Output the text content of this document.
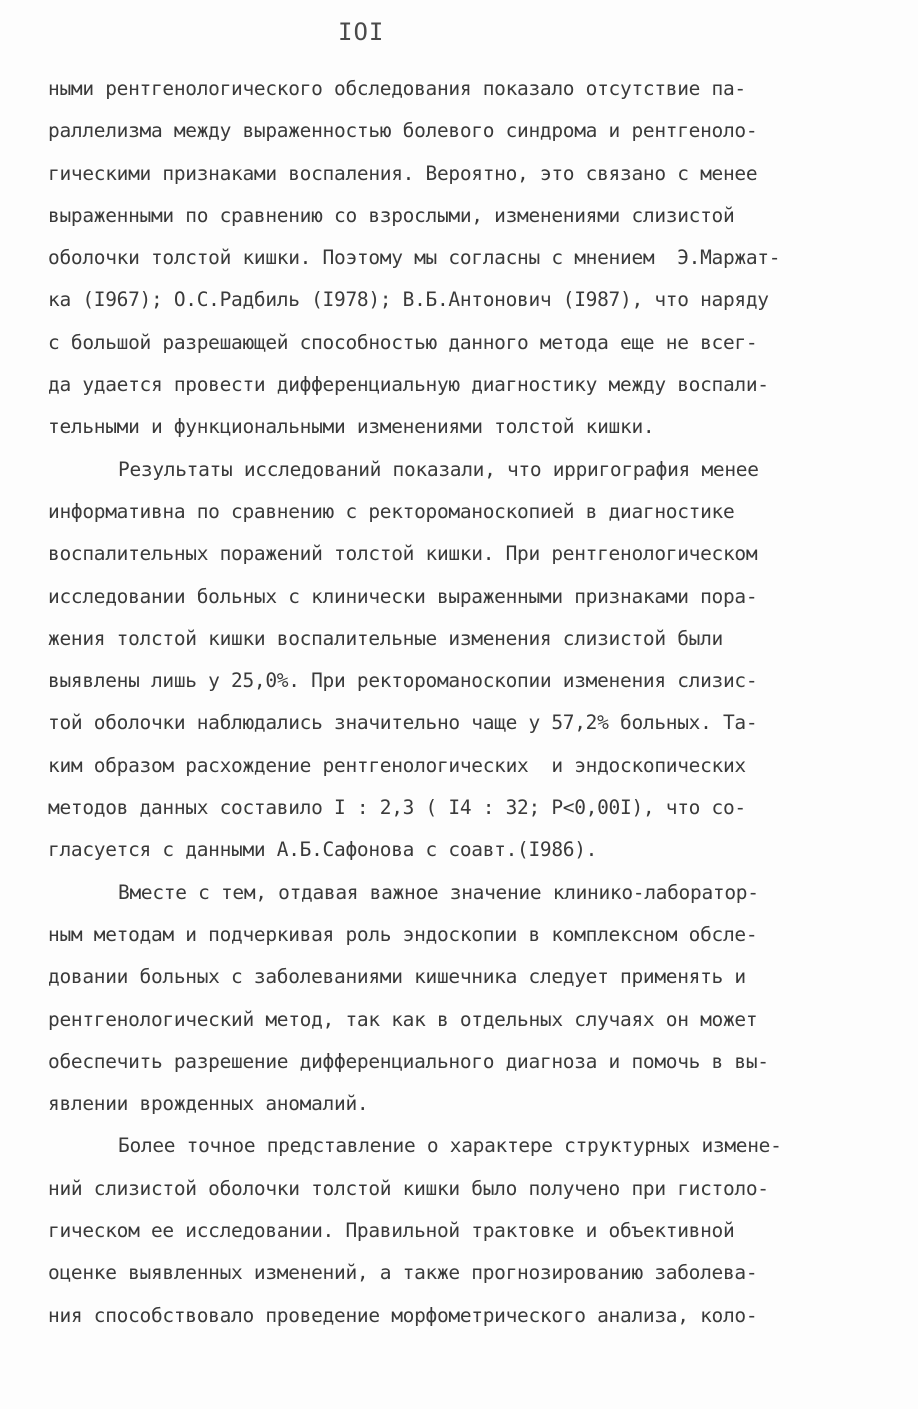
IOI
ными рентгенологического обследования показало отсутствие па-
раллелизма между выраженностью болевого синдрома и рентгеноло-
гическими признаками воспаления. Вероятно, это связано с менее
выраженными по сравнению со взрослыми, изменениями слизистой
оболочки толстой кишки. Поэтому мы согласны с мнением  Э.Маржат-
ка (I967); О.С.Радбиль (I978); В.Б.Антонович (I987), что наряду
с большой разрешающей способностью данного метода еще не всег-
да удается провести дифференциальную диагностику между воспали-
тельными и функциональными изменениями толстой кишки.
Результаты исследований показали, что ирригография менее
информативна по сравнению с ректороманоскопией в диагностике
воспалительных поражений толстой кишки. При рентгенологическом
исследовании больных с клинически выраженными признаками пора-
жения толстой кишки воспалительные изменения слизистой были
выявлены лишь у 25,0%. При ректороманоскопии изменения слизис-
той оболочки наблюдались значительно чаще у 57,2% больных. Та-
ким образом расхождение рентгенологических  и эндоскопических
методов данных составило I : 2,3 ( I4 : 32; P<0,00I), что со-
гласуется с данными А.Б.Сафонова с соавт.(I986).
Вместе с тем, отдавая важное значение клинико-лаборатор-
ным методам и подчеркивая роль эндоскопии в комплексном обсле-
довании больных с заболеваниями кишечника следует применять и
рентгенологический метод, так как в отдельных случаях он может
обеспечить разрешение дифференциального диагноза и помочь в вы-
явлении врожденных аномалий.
Более точное представление о характере структурных измене-
ний слизистой оболочки толстой кишки было получено при гистоло-
гическом ее исследовании. Правильной трактовке и объективной
оценке выявленных изменений, а также прогнозированию заболева-
ния способствовало проведение морфометрического анализа, коло-
